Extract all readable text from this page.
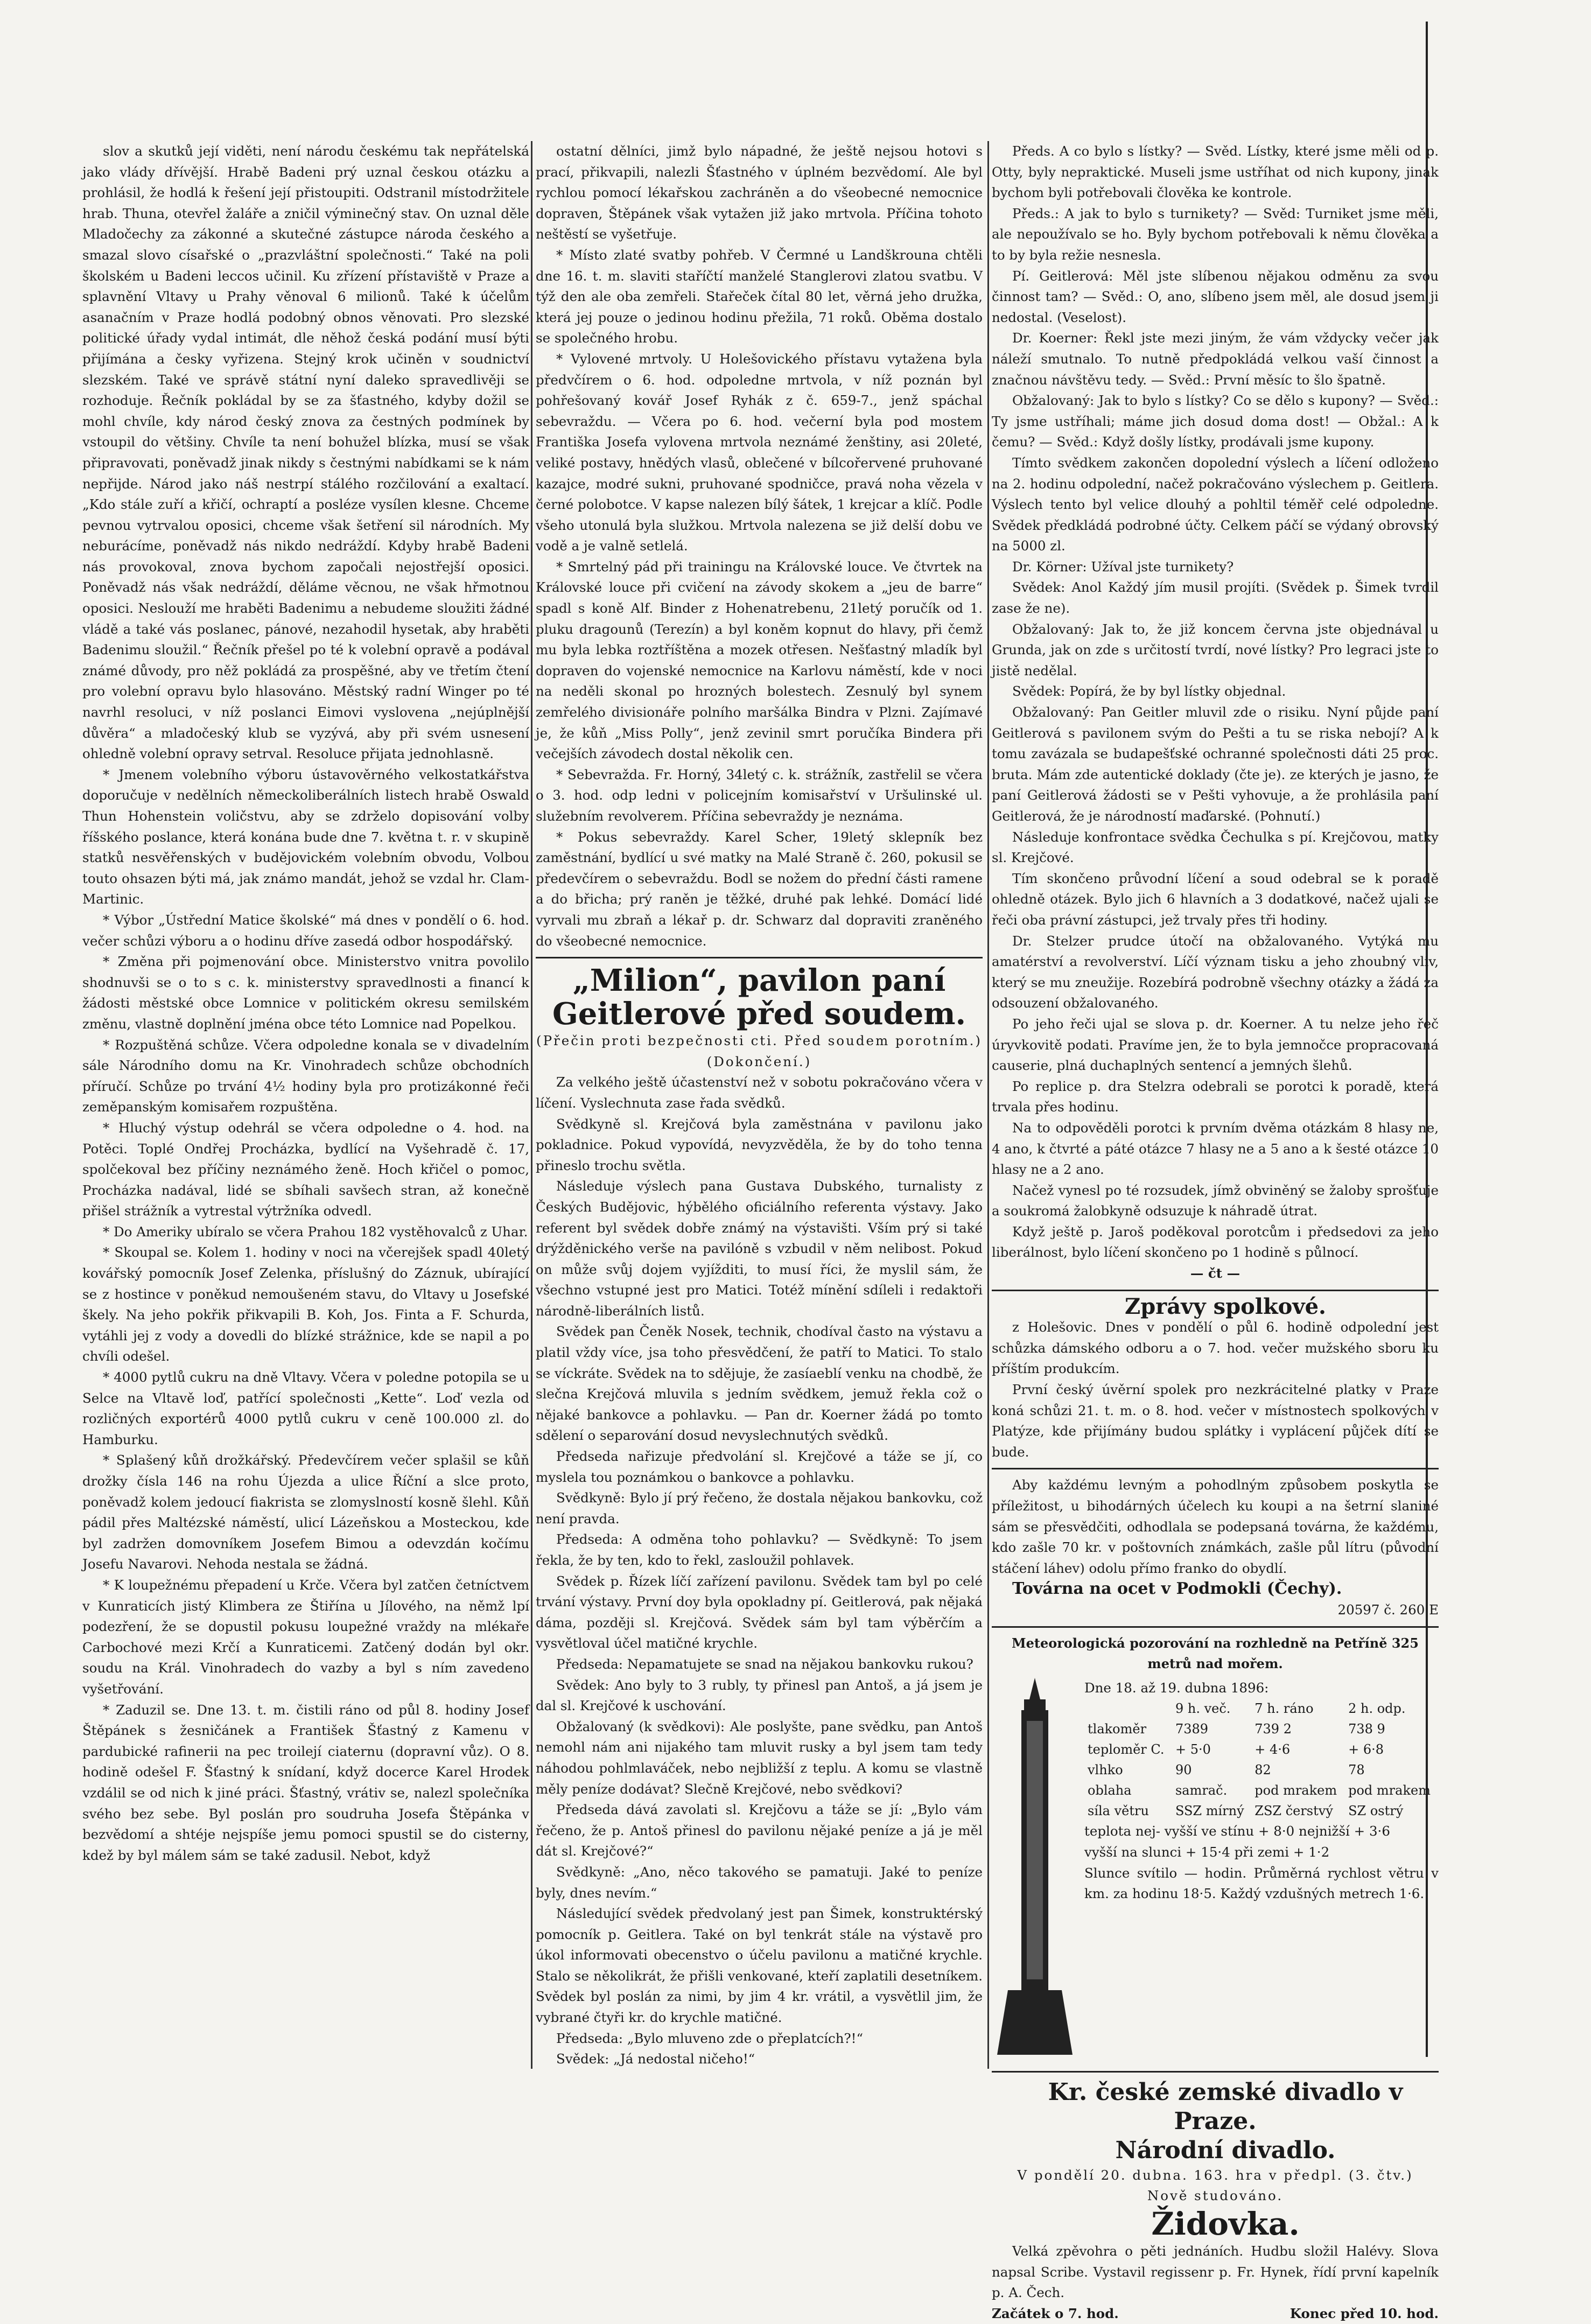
slov a skutků její viděti, není národu českému tak nepřátelská jako vlády dřívější. Hrabě Badeni prý uznal českou otázku a prohlásil, že hodlá k řešení její přistoupiti. Odstranil místodržitele hrab. Thuna, otevřel žaláře a zničil výminečný stav. On uznal děle Mladočechy za zákonné a skutečné zástupce národa českého a smazal slovo císařské o „prazvláštní společnosti.“ Také na poli školském u Badeni leccos učinil. Ku zřízení přístaviště v Praze a splavnění Vltavy u Prahy věnoval 6 milionů. Také k účelům asanačním v Praze hodlá podobný obnos věnovati. Pro slezské politické úřady vydal intimát, dle něhož česká podání musí býti přijímána a česky vyřizena. Stejný krok učiněn v soudnictví slezském. Také ve správě státní nyní daleko spravedlivěji se rozhoduje. Řečník pokládal by se za šťastného, kdyby dožil se mohl chvíle, kdy národ český znova za čestných podmínek by vstoupil do většiny. Chvíle ta není bohužel blízka, musí se však připravovati, poněvadž jinak nikdy s čestnými nabídkami se k nám nepřijde. Národ jako náš nestrpí stálého rozčilování a exaltací. „Kdo stále zuří a křičí, ochraptí a posléze vysílen klesne. Chceme pevnou vytrvalou oposici, chceme však šetření sil národních. My neburácíme, poněvadž nás nikdo nedráždí. Kdyby hrabě Badeni nás provokoval, znova bychom započali nejostřejší oposici. Poněvadž nás však nedráždí, děláme věcnou, ne však hřmotnou oposici. Neslouží me hraběti Badenimu a nebudeme sloužiti žádné vládě a také vás poslanec, pánové, nezahodil hysetak, aby hraběti Badenimu sloužil.“ Řečník přešel po té k volební opravě a podával známé důvody, pro něž pokládá za prospěšné, aby ve třetím čtení pro volební opravu bylo hlasováno. Městský radní Winger po té navrhl resoluci, v níž poslanci Eimovi vyslovena „nejúplnější důvěra“ a mladočeský klub se vyzývá, aby při svém usnesení ohledně volební opravy setrval. Resoluce přijata jednohlasně.

* Jmenem volebního výboru ústavověrného velkostatkářstva doporučuje v nedělních německoliberálních listech hrabě Oswald Thun Hohenstein voličstvu, aby se zdrželo dopisování volby říšského poslance, která konána bude dne 7. května t. r. v skupině statků nesvěřenských v budějovickém volebním obvodu, Volbou touto ohsazen býti má, jak známo mandát, jehož se vzdal hr. Clam-Martinic.

* Výbor „Ústřední Matice školské“ má dnes v pondělí o 6. hod. večer schůzi výboru a o hodinu dříve zasedá odbor hospodářský.

* Změna při pojmenování obce. Ministerstvo vnitra povolilo shodnuvši se o to s c. k. ministerstvy spravedlnosti a financí k žádosti městské obce Lomnice v politickém okresu semilském změnu, vlastně doplnění jména obce této Lomnice nad Popelkou.

* Rozpuštěná schůze. Včera odpoledne konala se v divadelním sále Národního domu na Kr. Vinohradech schůze obchodních příručí. Schůze po trvání 4½ hodiny byla pro protizákonné řeči zeměpanským komisařem rozpuštěna.

* Hluchý výstup odehrál se včera odpoledne o 4. hod. na Potěci. Toplé Ondřej Procházka, bydlící na Vyšehradě č. 17, spolčekoval bez příčiny neznámého ženě. Hoch křičel o pomoc, Procházka nadával, lidé se sbíhali savšech stran, až konečně přišel strážník a vytrestal výtržníka odvedl.

* Do Ameriky ubíralo se včera Prahou 182 vystěhovalců z Uhar.

* Skoupal se. Kolem 1. hodiny v noci na včerejšek spadl 40letý kovářský pomocník Josef Zelenka, příslušný do Záznuk, ubírající se z hostince v poněkud nemoušeném stavu, do Vltavy u Josefské škely. Na jeho pokřik přikvapili B. Koh, Jos. Finta a F. Schurda, vytáhli jej z vody a dovedli do blízké strážnice, kde se napil a po chvíli odešel.

* 4000 pytlů cukru na dně Vltavy. Včera v poledne potopila se u Selce na Vltavě loď, patřící společnosti „Kette“. Loď vezla od rozličných exportérů 4000 pytlů cukru v ceně 100.000 zl. do Hamburku.

* Splašený kůň drožkářský. Předevčírem večer splašil se kůň drožky čísla 146 na rohu Újezda a ulice Říční a slce proto, poněvadž kolem jedoucí fiakrista se zlomyslností kosně šlehl. Kůň pádil přes Maltézské náměstí, ulicí Lázeňskou a Mosteckou, kde byl zadržen domovníkem Josefem Bimou a odevzdán kočímu Josefu Navarovi. Nehoda nestala se žádná.

* K loupežnému přepadení u Krče. Včera byl zatčen četníctvem v Kunraticích jistý Klimbera ze Štiřína u Jílového, na němž lpí podezření, že se dopustil pokusu loupežné vraždy na mlékaře Carbochové mezi Krčí a Kunraticemi. Zatčený dodán byl okr. soudu na Král. Vinohradech do vazby a byl s ním zavedeno vyšetřování.

* Zaduzil se. Dne 13. t. m. čistili ráno od půl 8. hodiny Josef Štěpánek s žesničánek a František Šťastný z Kamenu v pardubické rafinerii na pec troilejí ciaternu (dopravní vůz). O 8. hodině odešel F. Šťastný k snídaní, když docerce Karel Hrodek vzdálil se od nich k jiné práci. Šťastný, vrátiv se, nalezl společníka svého bez sebe. Byl poslán pro soudruha Josefa Štěpánka v bezvědomí a shtéje nejspíše jemu pomoci spustil se do cisterny, kdež by byl málem sám se také zadusil. Nebot, když

ostatní dělníci, jimž bylo nápadné, že ještě nejsou hotovi s prací, přikvapili, nalezli Šťastného v úplném bezvědomí. Ale byl rychlou pomocí lékařskou zachráněn a do všeobecné nemocnice dopraven, Štěpánek však vytažen již jako mrtvola. Příčina tohoto neštěstí se vyšetřuje.

* Místo zlaté svatby pohřeb. V Čermné u Landškrouna chtěli dne 16. t. m. slaviti staříčtí manželé Stanglerovi zlatou svatbu. V týž den ale oba zemřeli. Stařeček čítal 80 let, věrná jeho družka, která jej pouze o jedinou hodinu přežila, 71 roků. Oběma dostalo se společného hrobu.

* Vylovené mrtvoly. U Holešovického přístavu vytažena byla předvčírem o 6. hod. odpoledne mrtvola, v níž poznán byl pohřešovaný kovář Josef Ryhák z č. 659-7., jenž spáchal sebevraždu. — Včera po 6. hod. večerní byla pod mostem Františka Josefa vylovena mrtvola neznámé ženštiny, asi 20leté, veliké postavy, hnědých vlasů, oblečené v bílcořervené pruhované kazajce, modré sukni, pruhované spodničce, pravá noha vězela v černé polobotce. V kapse nalezen bílý šátek, 1 krejcar a klíč. Podle všeho utonulá byla služkou. Mrtvola nalezena se již delší dobu ve vodě a je valně setlelá.

* Smrtelný pád při trainingu na Královské louce. Ve čtvrtek na Královské louce při cvičení na závody skokem a „jeu de barre“ spadl s koně Alf. Binder z Hohenatrebenu, 21letý poručík od 1. pluku dragounů (Terezín) a byl koněm kopnut do hlavy, při čemž mu byla lebka roztříštěna a mozek otřesen. Nešťastný mladík byl dopraven do vojenské nemocnice na Karlovu náměstí, kde v noci na neděli skonal po hrozných bolestech. Zesnulý byl synem zemřelého divisionáře polního maršálka Bindra v Plzni. Zajímavé je, že kůň „Miss Polly“, jenž zevinil smrt poručíka Bindera při večejších závodech dostal několik cen.

* Sebevražda. Fr. Horný, 34letý c. k. strážník, zastřelil se včera o 3. hod. odp ledni v policejním komisařství v Uršulinské ul. služebním revolverem. Příčina sebevraždy je neznáma.

* Pokus sebevraždy. Karel Scher, 19letý sklepník bez zaměstnání, bydlící u své matky na Malé Straně č. 260, pokusil se předevčírem o sebevraždu. Bodl se nožem do přední části ramene a do břicha; prý raněn je těžké, druhé pak lehké. Domácí lidé vyrvali mu zbraň a lékař p. dr. Schwarz dal dopraviti zraněného do všeobecné nemocnice.

„Milion“, pavilon paní Geitlerové před soudem.

(Přečin proti bezpečnosti cti. Před soudem porotním.)

(Dokončení.)

Za velkého ještě účastenství než v sobotu pokračováno včera v líčení. Vyslechnuta zase řada svědků.

Svědkyně sl. Krejčová byla zaměstnána v pavilonu jako pokladnice. Pokud vypovídá, nevyzvěděla, že by do toho tenna přineslo trochu světla.

Následuje výslech pana Gustava Dubského, turnalisty z Českých Budějovic, hýbělého oficiálního referenta výstavy. Jako referent byl svědek dobře známý na výstavišti. Vším prý si také drýžděnického verše na pavilóně s vzbudil v něm nelibost. Pokud on může svůj dojem vyjížditi, to musí říci, že myslil sám, že všechno vstupné jest pro Matici. Totéž mínění sdíleli i redaktoři národně-liberálních listů.

Svědek pan Čeněk Nosek, technik, chodíval často na výstavu a platil vždy více, jsa toho přesvědčení, že patří to Matici. To stalo se víckráte. Svědek na to sdějuje, že zasíaeblí venku na chodbě, že slečna Krejčová mluvila s jedním svědkem, jemuž řekla což o nějaké bankovce a pohlavku. — Pan dr. Koerner žádá po tomto sdělení o separování dosud nevyslechnutých svědků.

Předseda nařizuje předvolání sl. Krejčové a táže se jí, co myslela tou poznámkou o bankovce a pohlavku.

Svědkyně: Bylo jí prý řečeno, že dostala nějakou bankovku, což není pravda.

Předseda: A odměna toho pohlavku? — Svědkyně: To jsem řekla, že by ten, kdo to řekl, zasloužil pohlavek.

Svědek p. Řízek líčí zařízení pavilonu. Svědek tam byl po celé trvání výstavy. První doy byla opokladny pí. Geitlerová, pak nějaká dáma, později sl. Krejčová. Svědek sám byl tam výběrčím a vysvětloval účel matičné krychle.

Předseda: Nepamatujete se snad na nějakou bankovku rukou?

Svědek: Ano byly to 3 rubly, ty přinesl pan Antoš, a já jsem je dal sl. Krejčové k uschování.

Obžalovaný (k svědkovi): Ale poslyšte, pane svědku, pan Antoš nemohl nám ani nijakého tam mluvit rusky a byl jsem tam tedy náhodou pohlmlaváček, nebo nejbližší z teplu. A komu se vlastně měly peníze dodávat? Slečně Krejčové, nebo svědkovi?

Předseda dává zavolati sl. Krejčovu a táže se jí: „Bylo vám řečeno, že p. Antoš přinesl do pavilonu nějaké peníze a já je měl dát sl. Krejčové?“

Svědkyně: „Ano, něco takového se pamatuji. Jaké to peníze byly, dnes nevím.“

Následující svědek předvolaný jest pan Šimek, konstruktérský pomocník p. Geitlera. Také on byl tenkrát stále na výstavě pro úkol informovati obecenstvo o účelu pavilonu a matičné krychle. Stalo se několikrát, že přišli venkované, kteří zaplatili desetníkem. Svědek byl poslán za nimi, by jim 4 kr. vrátil, a vysvětlil jim, že vybrané čtyři kr. do krychle matičné.

Předseda: „Bylo mluveno zde o přeplatcích?!“

Svědek: „Já nedostal ničeho!“

Předs. A co bylo s lístky? — Svěd. Lístky, které jsme měli od p. Otty, byly nepraktické. Museli jsme ustříhat od nich kupony, jinak bychom byli potřebovali člověka ke kontrole.

Předs.: A jak to bylo s turnikety? — Svěd: Turniket jsme měli, ale nepoužívalo se ho. Byly bychom potřebovali k němu člověka a to by byla režie nesnesla.

Pí. Geitlerová: Měl jste slíbenou nějakou odměnu za svou činnost tam? — Svěd.: O, ano, slíbeno jsem měl, ale dosud jsem ji nedostal. (Veselost).

Dr. Koerner: Řekl jste mezi jiným, že vám vždycky večer jak náleží smutnalo. To nutně předpokládá velkou vaší činnost a značnou návštěvu tedy. — Svěd.: První měsíc to šlo špatně.

Obžalovaný: Jak to bylo s lístky? Co se dělo s kupony? — Svěd.: Ty jsme ustříhali; máme jich dosud doma dost! — Obžal.: A k čemu? — Svěd.: Když došly lístky, prodávali jsme kupony.

Tímto svědkem zakončen dopolední výslech a líčení odloženo na 2. hodinu odpolední, načež pokračováno výslechem p. Geitlera. Výslech tento byl velice dlouhý a pohltil téměř celé odpoledne. Svědek předkládá podrobné účty. Celkem páčí se výdaný obrovský na 5000 zl.

Dr. Körner: Užíval jste turnikety?

Svědek: Anol Každý jím musil projíti. (Svědek p. Šimek tvrdil zase že ne).

Obžalovaný: Jak to, že již koncem června jste objednával u Grunda, jak on zde s určitostí tvrdí, nové lístky? Pro legraci jste to jistě nedělal.

Svědek: Popírá, že by byl lístky objednal.

Obžalovaný: Pan Geitler mluvil zde o risiku. Nyní půjde paní Geitlerová s pavilonem svým do Pešti a tu se riska nebojí? A k tomu zavázala se budapešťské ochranné společnosti dáti 25 proc. bruta. Mám zde autentické doklady (čte je). ze kterých je jasno, že paní Geitlerová žádosti se v Pešti vyhovuje, a že prohlásila paní Geitlerová, že je národností maďarské. (Pohnutí.)

Následuje konfrontace svědka Čechulka s pí. Krejčovou, matky sl. Krejčové.

Tím skončeno průvodní líčení a soud odebral se k poradě ohledně otázek. Bylo jich 6 hlavních a 3 dodatkové, načež ujali se řeči oba právní zástupci, jež trvaly přes tři hodiny.

Dr. Stelzer prudce útočí na obžalovaného. Vytýká mu amatérství a revolverství. Líčí význam tisku a jeho zhoubný vliv, který se mu zneužije. Rozebírá podrobně všechny otázky a žádá za odsouzení obžalovaného.

Po jeho řeči ujal se slova p. dr. Koerner. A tu nelze jeho řeč úryvkovitě podati. Pravíme jen, že to byla jemnočce propracovaná causerie, plná duchaplných sentencí a jemných šlehů.

Po replice p. dra Stelzra odebrali se porotci k poradě, která trvala přes hodinu.

Na to odpověděli porotci k prvním dvěma otázkám 8 hlasy ne, 4 ano, k čtvrté a páté otázce 7 hlasy ne a 5 ano a k šesté otázce 10 hlasy ne a 2 ano.

Načež vynesl po té rozsudek, jímž obviněný se žaloby sprošťuje a soukromá žalobkyně odsuzuje k náhradě útrat.

Když ještě p. Jaroš poděkoval porotcům i předsedovi za jeho liberálnost, bylo líčení skončeno po 1 hodině s půlnocí.

— čt —

Zprávy spolkové.

z Holešovic. Dnes v pondělí o půl 6. hodině odpolední jest schůzka dámského odboru a o 7. hod. večer mužského sboru ku příštím produkcím.

První český úvěrní spolek pro nezkrácitelné platky v Praze koná schůzi 21. t. m. o 8. hod. večer v místnostech spolkových v Platýze, kde přijímány budou splátky i vyplácení půjček dítí se bude.

Aby každému levným a pohodlným způsobem poskytla se příležitost, u bihodárných účelech ku koupi a na šetrní slaniné sám se přesvědčiti, odhodlala se podepsaná továrna, že každému, kdo zašle 70 kr. v poštovních známkách, zašle půl lítru (původní stáčení láhev) odolu přímo franko do obydlí.

Továrna na ocet v Podmokli (Čechy).

20597 č. 260 E

Meteorologická pozorování na rozhledně na Petříně 325 metrů nad mořem.

Dne 18. až 19. dubna 1896:

	9 h. več.	7 h. ráno	2 h. odp.
tlakoměr	7389	739 2	738 9
teploměr C.	+ 5·0	+ 4·6	+ 6·8
vlhko	90	82	78
oblaha	samrač.	pod mrakem	pod mrakem
síla větru	SSZ mírný	ZSZ čerstvý	SZ ostrý

teplota nej- vyšší ve stínu + 8·0 nejnižší + 3·6

vyšší na slunci + 15·4 při zemi + 1·2

Slunce svítilo — hodin. Průměrná rychlost větru v km. za hodinu 18·5. Každý vzdušných metrech 1·6.

Kr. české zemské divadlo v Praze.

Národní divadlo.

V pondělí 20. dubna. 163. hra v předpl. (3. čtv.)

Nově studováno.

Židovka.

Velká zpěvohra o pěti jednáních. Hudbu složil Halévy. Slova napsal Scribe. Vystavil regissenr p. Fr. Hynek, řídí první kapelník p. A. Čech.

Začátek o 7. hod.	Konec před 10. hod.
